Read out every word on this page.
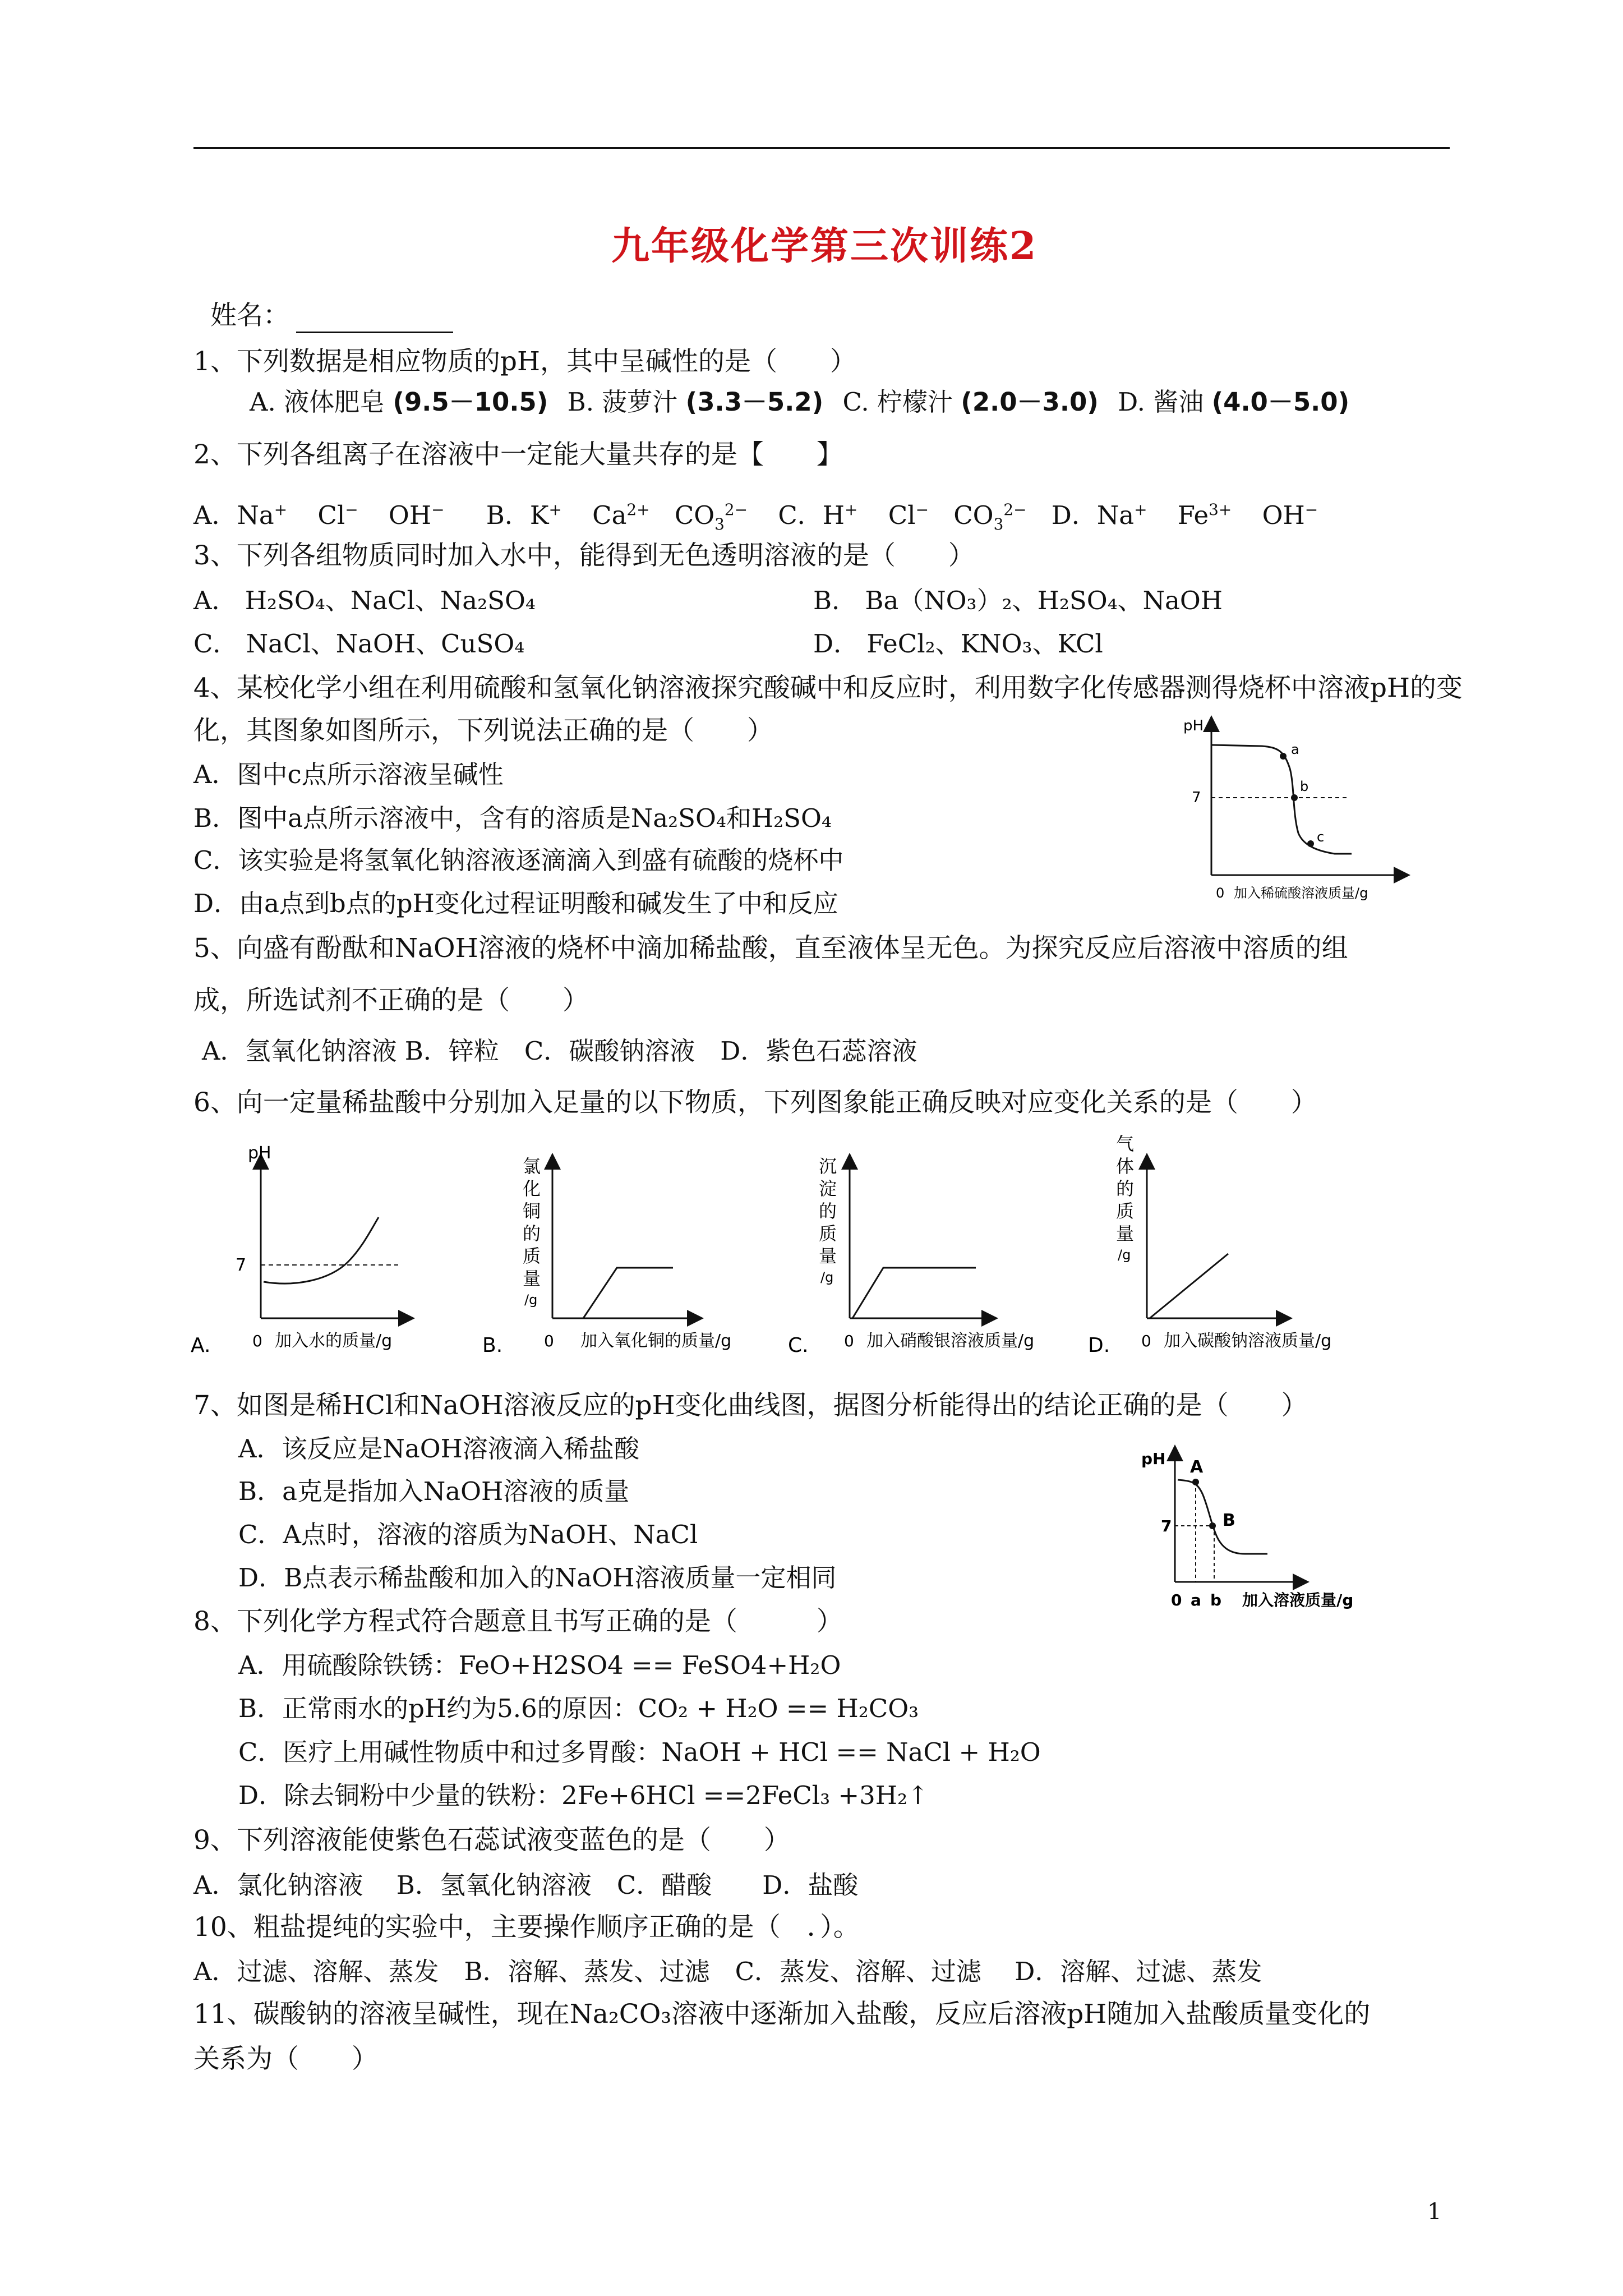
九年级化学第三次训练2
姓名：
1、下列数据是相应物质的pH，其中呈碱性的是（　　）
A. 液体肥皂 (9.5－10.5) B. 菠萝汁 (3.3－5.2) C. 柠檬汁 (2.0－3.0) D. 酱油 (4.0－5.0)
2、下列各组离子在溶液中一定能大量共存的是【　　】
A．Na+ Cl− OH− B．K+ $Ca^{2+}$ $CO_3^{2-}$ C．H+ Cl− $CO_3^{2-}$ D．Na+ $Fe^{3+}$ OH−
3、下列各组物质同时加入水中，能得到无色透明溶液的是（　　）
A． H₂SO₄、NaCl、Na₂SO₄	B． Ba（NO₃）₂、H₂SO₄、NaOH
C． NaCl、NaOH、CuSO₄	D． FeCl₂、KNO₃、KCl
4、某校化学小组在利用硫酸和氢氧化钠溶液探究酸碱中和反应时，利用数字化传感器测得烧杯中溶液pH的变
化，其图象如图所示，下列说法正确的是（　　）
A．图中c点所示溶液呈碱性
B．图中a点所示溶液中，含有的溶质是Na₂SO₄和H₂SO₄
C．该实验是将氢氧化钠溶液逐滴滴入到盛有硫酸的烧杯中
D．由a点到b点的pH变化过程证明酸和碱发生了中和反应
pH
7
0 加入稀硫酸溶液质量/g
a
b
c
5、向盛有酚酞和NaOH溶液的烧杯中滴加稀盐酸，直至液体呈无色。为探究反应后溶液中溶质的组
成，所选试剂不正确的是（　　）
A．氢氧化钠溶液 B．锌粒　C．碳酸钠溶液　D．紫色石蕊溶液
6、向一定量稀盐酸中分别加入足量的以下物质，下列图象能正确反映对应变化关系的是（　　）
A.
pH
7
0 加入水的质量/g	B.
氯
化
铜
的
质
量
/g
0 加入氧化铜的质量/g	C.
沉
淀
的
质
量
/g
0 加入硝酸银溶液质量/g	D.
气
体
的
质
量
/g
0 加入碳酸钠溶液质量/g
7、如图是稀HCl和NaOH溶液反应的pH变化曲线图，据图分析能得出的结论正确的是（　　）
A．该反应是NaOH溶液滴入稀盐酸
B．a克是指加入NaOH溶液的质量
C．A点时，溶液的溶质为NaOH、NaCl
D．B点表示稀盐酸和加入的NaOH溶液质量一定相同
pH
7
A
B
0 a b 加入溶液质量/g
8、下列化学方程式符合题意且书写正确的是（　　　）
A．用硫酸除铁锈：FeO+H2SO4 == FeSO4+H₂O
B．正常雨水的pH约为5.6的原因：CO₂ + H₂O == H₂CO₃
C．医疗上用碱性物质中和过多胃酸：NaOH + HCl == NaCl + H₂O
D．除去铜粉中少量的铁粉：2Fe+6HCl ==2FeCl₃ +3H₂↑
9、下列溶液能使紫色石蕊试液变蓝色的是（　　）
A．氯化钠溶液　 B．氢氧化钠溶液　C．醋酸　　D．盐酸
10、粗盐提纯的实验中，主要操作顺序正确的是（　．）。
A．过滤、溶解、蒸发　B．溶解、蒸发、过滤　C．蒸发、溶解、过滤　 D．溶解、过滤、蒸发
11、碳酸钠的溶液呈碱性，现在Na₂CO₃溶液中逐渐加入盐酸，反应后溶液pH随加入盐酸质量变化的
关系为（　　）
1
